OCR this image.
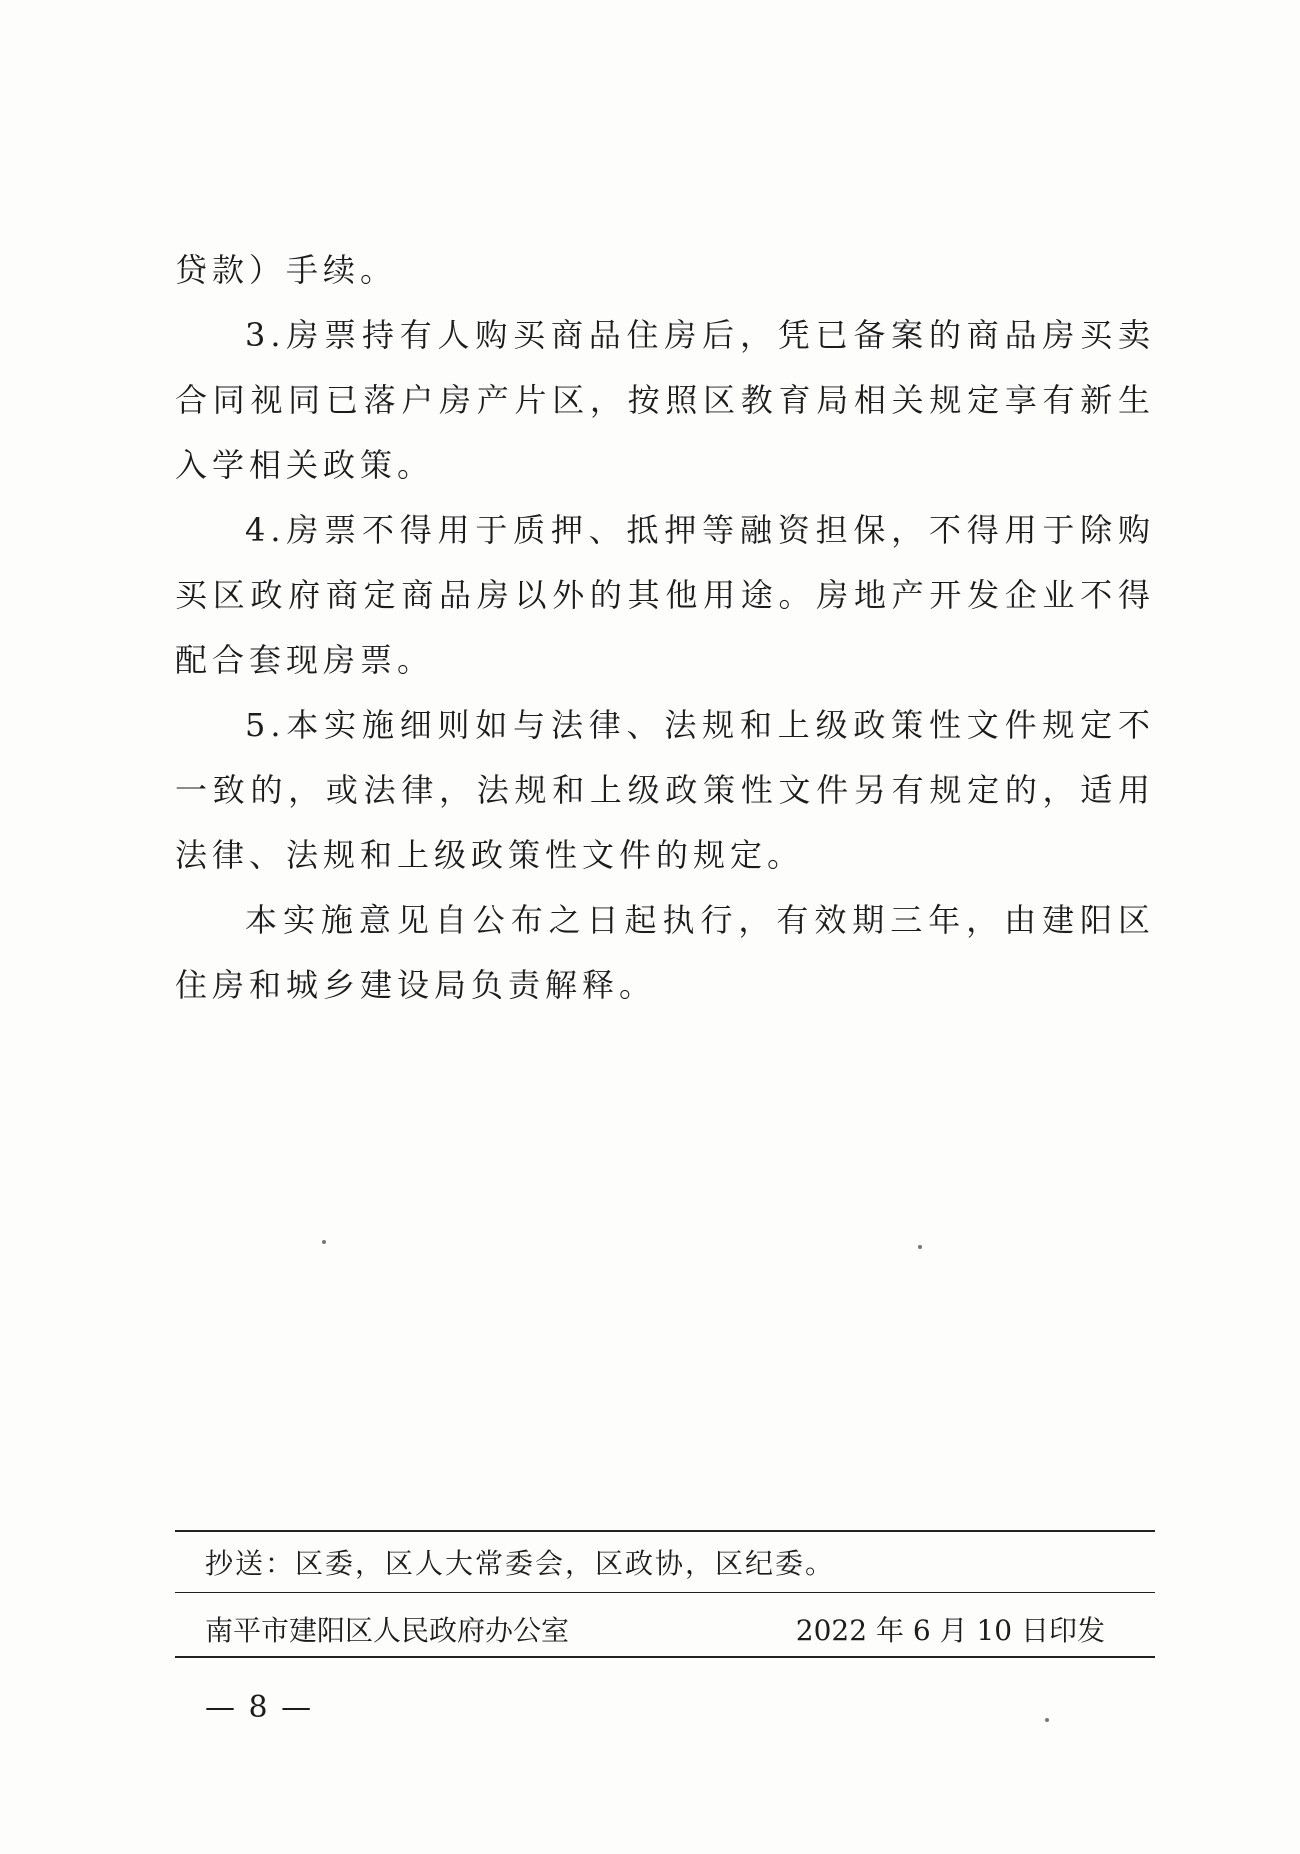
贷款）手续。

3.房票持有人购买商品住房后，凭已备案的商品房买卖合同视同已落户房产片区，按照区教育局相关规定享有新生入学相关政策。

4.房票不得用于质押、抵押等融资担保，不得用于除购买区政府商定商品房以外的其他用途。房地产开发企业不得配合套现房票。

5.本实施细则如与法律、法规和上级政策性文件规定不一致的，或法律，法规和上级政策性文件另有规定的，适用法律、法规和上级政策性文件的规定。

本实施意见自公布之日起执行，有效期三年，由建阳区住房和城乡建设局负责解释。

抄送：区委，区人大常委会，区政协，区纪委。
南平市建阳区人民政府办公室	2022 年 6 月 10 日印发
— 8 —
